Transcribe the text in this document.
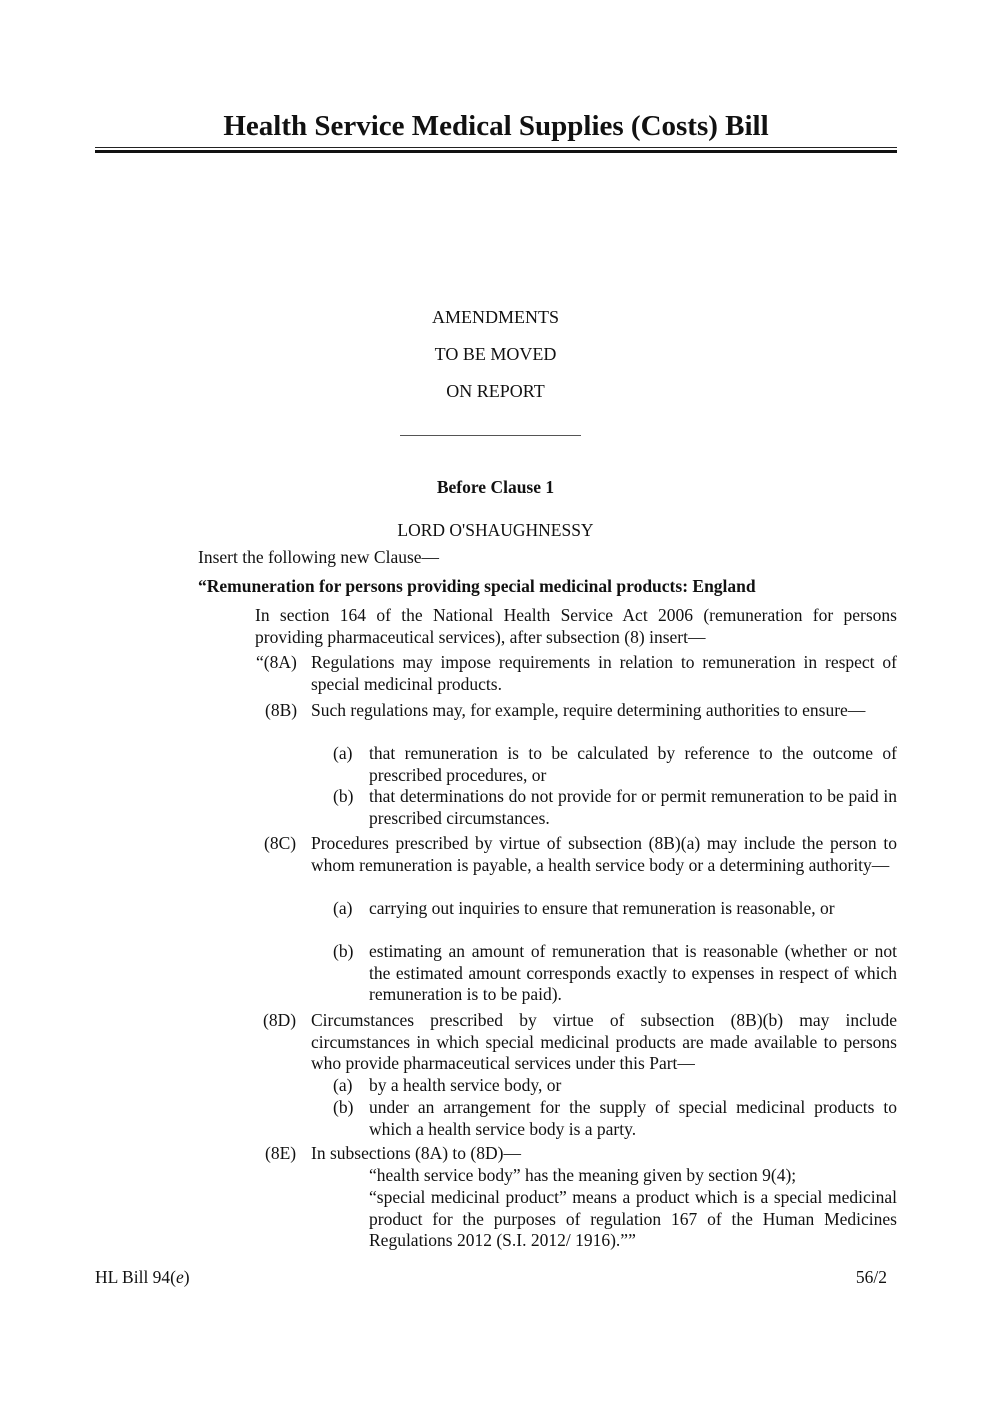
Health Service Medical Supplies (Costs) Bill
AMENDMENTS
TO BE MOVED
ON REPORT
Before Clause 1
LORD O'SHAUGHNESSY
Insert the following new Clause—
“Remuneration for persons providing special medicinal products: England
In section 164 of the National Health Service Act 2006 (remuneration for persons providing pharmaceutical services), after subsection (8) insert—
“(8A) Regulations may impose requirements in relation to remuneration in respect of special medicinal products.
(8B) Such regulations may, for example, require determining authorities to ensure—
(a) that remuneration is to be calculated by reference to the outcome of prescribed procedures, or
(b) that determinations do not provide for or permit remuneration to be paid in prescribed circumstances.
(8C) Procedures prescribed by virtue of subsection (8B)(a) may include the person to whom remuneration is payable, a health service body or a determining authority—
(a) carrying out inquiries to ensure that remuneration is reasonable, or
(b) estimating an amount of remuneration that is reasonable (whether or not the estimated amount corresponds exactly to expenses in respect of which remuneration is to be paid).
(8D) Circumstances prescribed by virtue of subsection (8B)(b) may include circumstances in which special medicinal products are made available to persons who provide pharmaceutical services under this Part—
(a) by a health service body, or
(b) under an arrangement for the supply of special medicinal products to which a health service body is a party.
(8E) In subsections (8A) to (8D)—
“health service body” has the meaning given by section 9(4);
“special medicinal product” means a product which is a special medicinal product for the purposes of regulation 167 of the Human Medicines Regulations 2012 (S.I. 2012/ 1916).””
HL Bill 94(e)	56/2
